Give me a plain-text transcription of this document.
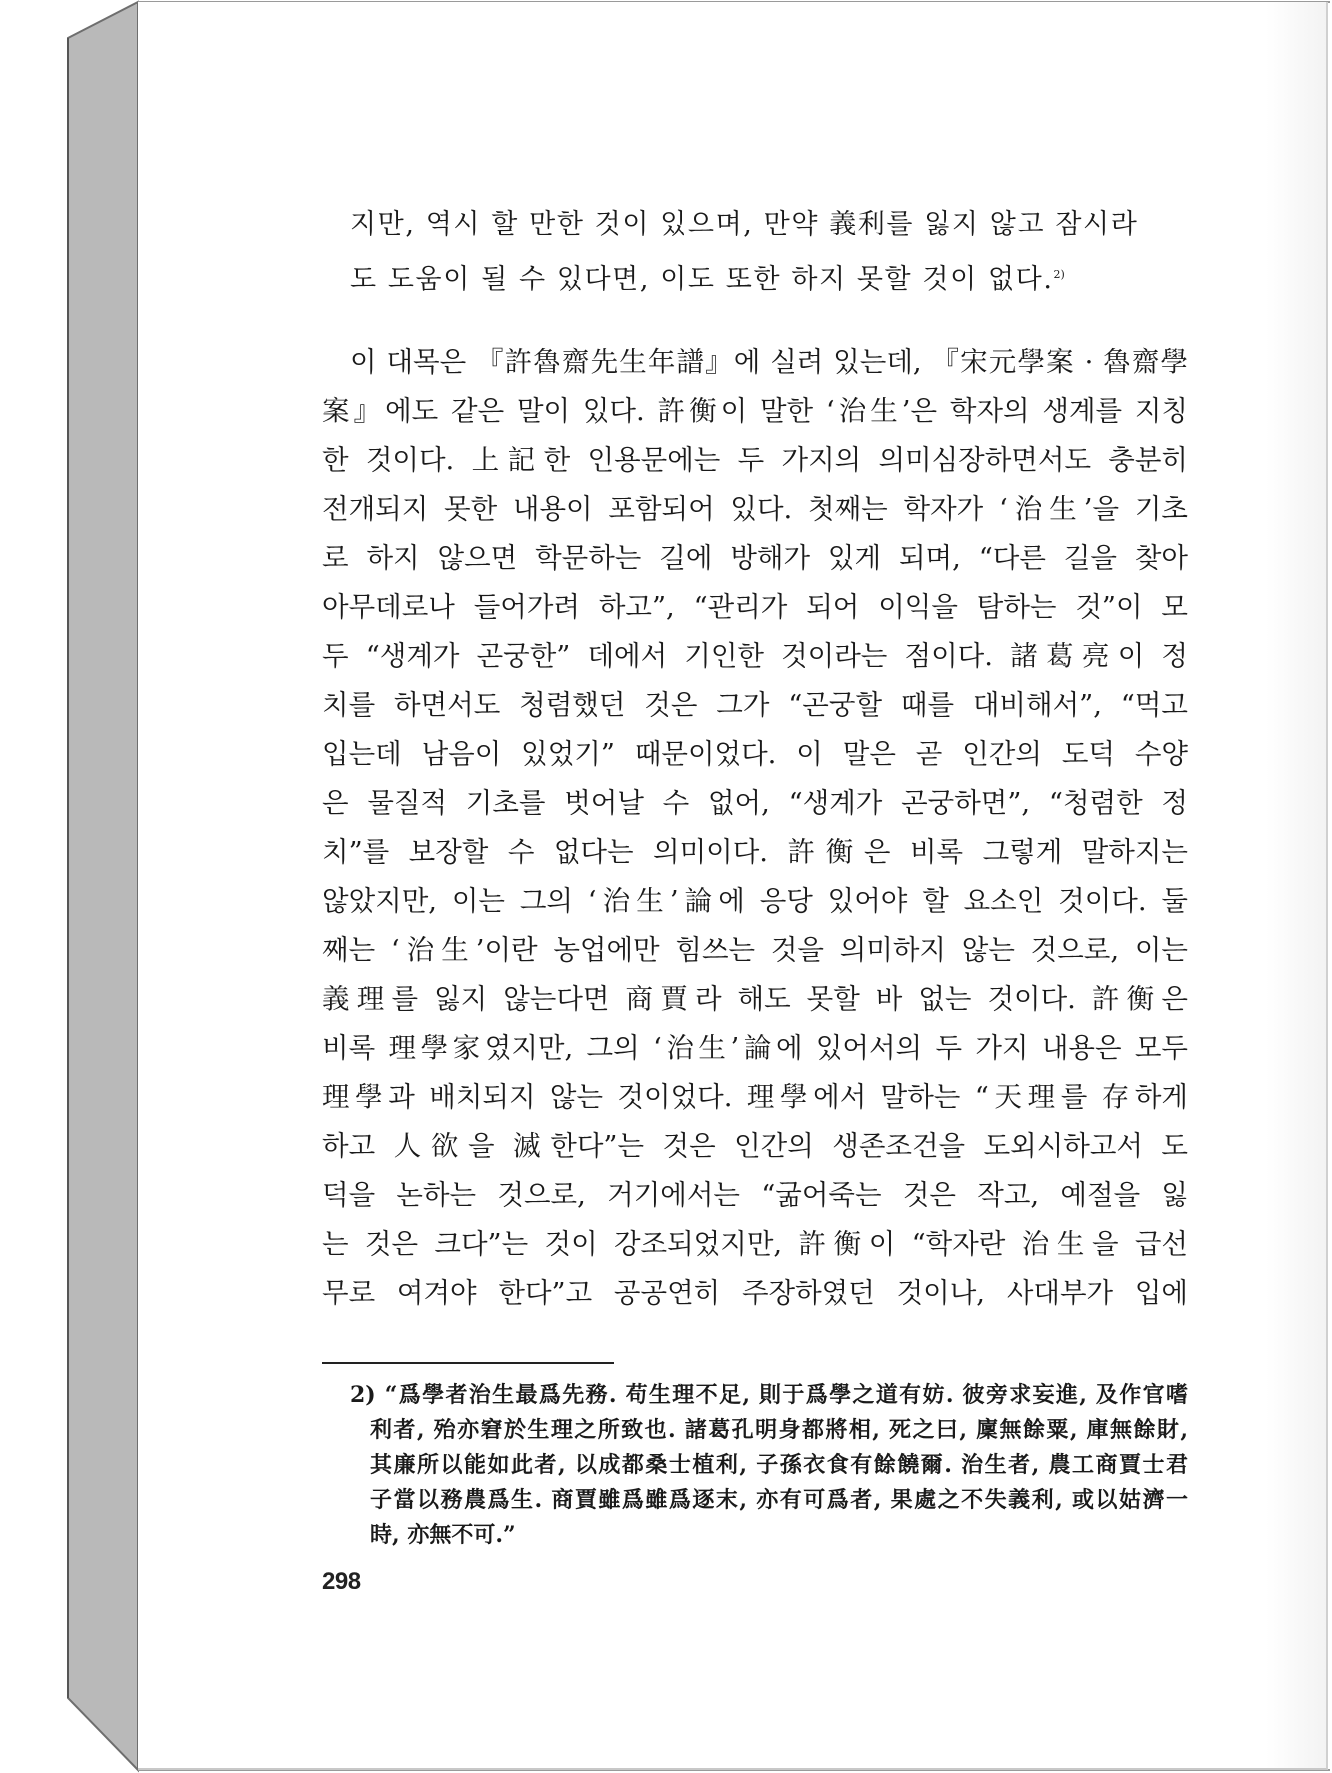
지만, 역시 할 만한 것이 있으며, 만약 義利를 잃지 않고 잠시라
도 도움이 될 수 있다면, 이도 또한 하지 못할 것이 없다.$^{2)}$
이 대목은 『許魯齋先生年譜』에 실려 있는데, 『宋元學案 · 魯齋學
案』에도 같은 말이 있다. 許衡이 말한 ‘治生’은 학자의 생계를 지칭
한 것이다. 上記한 인용문에는 두 가지의 의미심장하면서도 충분히
전개되지 못한 내용이 포함되어 있다. 첫째는 학자가 ‘治生’을 기초
로 하지 않으면 학문하는 길에 방해가 있게 되며, “다른 길을 찾아
아무데로나 들어가려 하고”, “관리가 되어 이익을 탐하는 것”이 모
두 “생계가 곤궁한” 데에서 기인한 것이라는 점이다. 諸葛亮이 정
치를 하면서도 청렴했던 것은 그가 “곤궁할 때를 대비해서”, “먹고
입는데 남음이 있었기” 때문이었다. 이 말은 곧 인간의 도덕 수양
은 물질적 기초를 벗어날 수 없어, “생계가 곤궁하면”, “청렴한 정
치”를 보장할 수 없다는 의미이다. 許衡은 비록 그렇게 말하지는
않았지만, 이는 그의 ‘治生’論에 응당 있어야 할 요소인 것이다. 둘
째는 ‘治生’이란 농업에만 힘쓰는 것을 의미하지 않는 것으로, 이는
義理를 잃지 않는다면 商賈라 해도 못할 바 없는 것이다. 許衡은
비록 理學家였지만, 그의 ‘治生’論에 있어서의 두 가지 내용은 모두
理學과 배치되지 않는 것이었다. 理學에서 말하는 “天理를 存하게
하고 人欲을 滅한다”는 것은 인간의 생존조건을 도외시하고서 도
덕을 논하는 것으로, 거기에서는 “굶어죽는 것은 작고, 예절을 잃
는 것은 크다”는 것이 강조되었지만, 許衡이 “학자란 治生을 급선
무로 여겨야 한다”고 공공연히 주장하였던 것이나, 사대부가 입에
2) “爲學者治生最爲先務. 苟生理不足, 則于爲學之道有妨. 彼旁求妄進, 及作官嗜
利者, 殆亦窘於生理之所致也. 諸葛孔明身都將相, 死之曰, 廩無餘粟, 庫無餘財,
其廉所以能如此者, 以成都桑士植利, 子孫衣食有餘饒爾. 治生者, 農工商賈士君
子當以務農爲生. 商賈雖爲雖爲逐末, 亦有可爲者, 果處之不失義利, 或以姑濟一
時, 亦無不可.”
298
